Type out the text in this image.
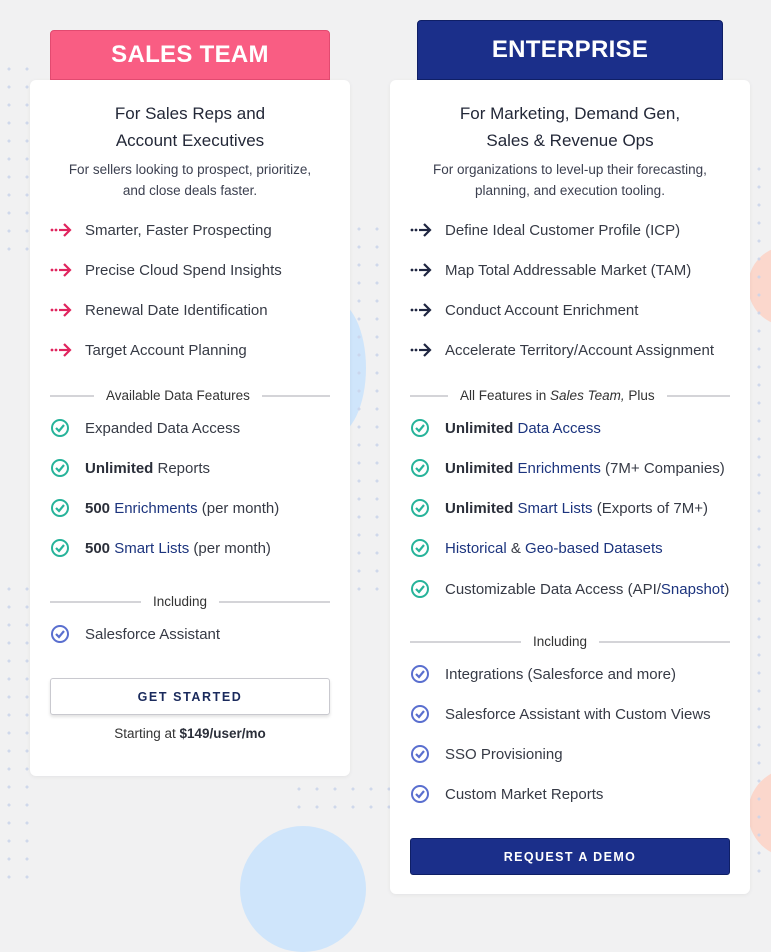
For Sales Reps and
Account Executives
For sellers looking to prospect, prioritize,
and close deals faster.
Smarter, Faster Prospecting
Precise Cloud Spend Insights
Renewal Date Identification
Target Account Planning
Available Data Features
Expanded Data Access
Unlimited Reports
500 Enrichments (per month)
500 Smart Lists (per month)
Including
Salesforce Assistant
SALES TEAM
GET STARTED
Starting at $149/user/mo
For Marketing, Demand Gen,
Sales & Revenue Ops
For organizations to level-up their forecasting,
planning, and execution tooling.
Define Ideal Customer Profile (ICP)
Map Total Addressable Market (TAM)
Conduct Account Enrichment
Accelerate Territory/Account Assignment
All Features in Sales Team, Plus
Unlimited Data Access
Unlimited Enrichments (7M+ Companies)
Unlimited Smart Lists (Exports of 7M+)
Historical & Geo-based Datasets
Customizable Data Access (API/Snapshot)
Including
Integrations (Salesforce and more)
Salesforce Assistant with Custom Views
SSO Provisioning
Custom Market Reports
ENTERPRISE
REQUEST A DEMO
